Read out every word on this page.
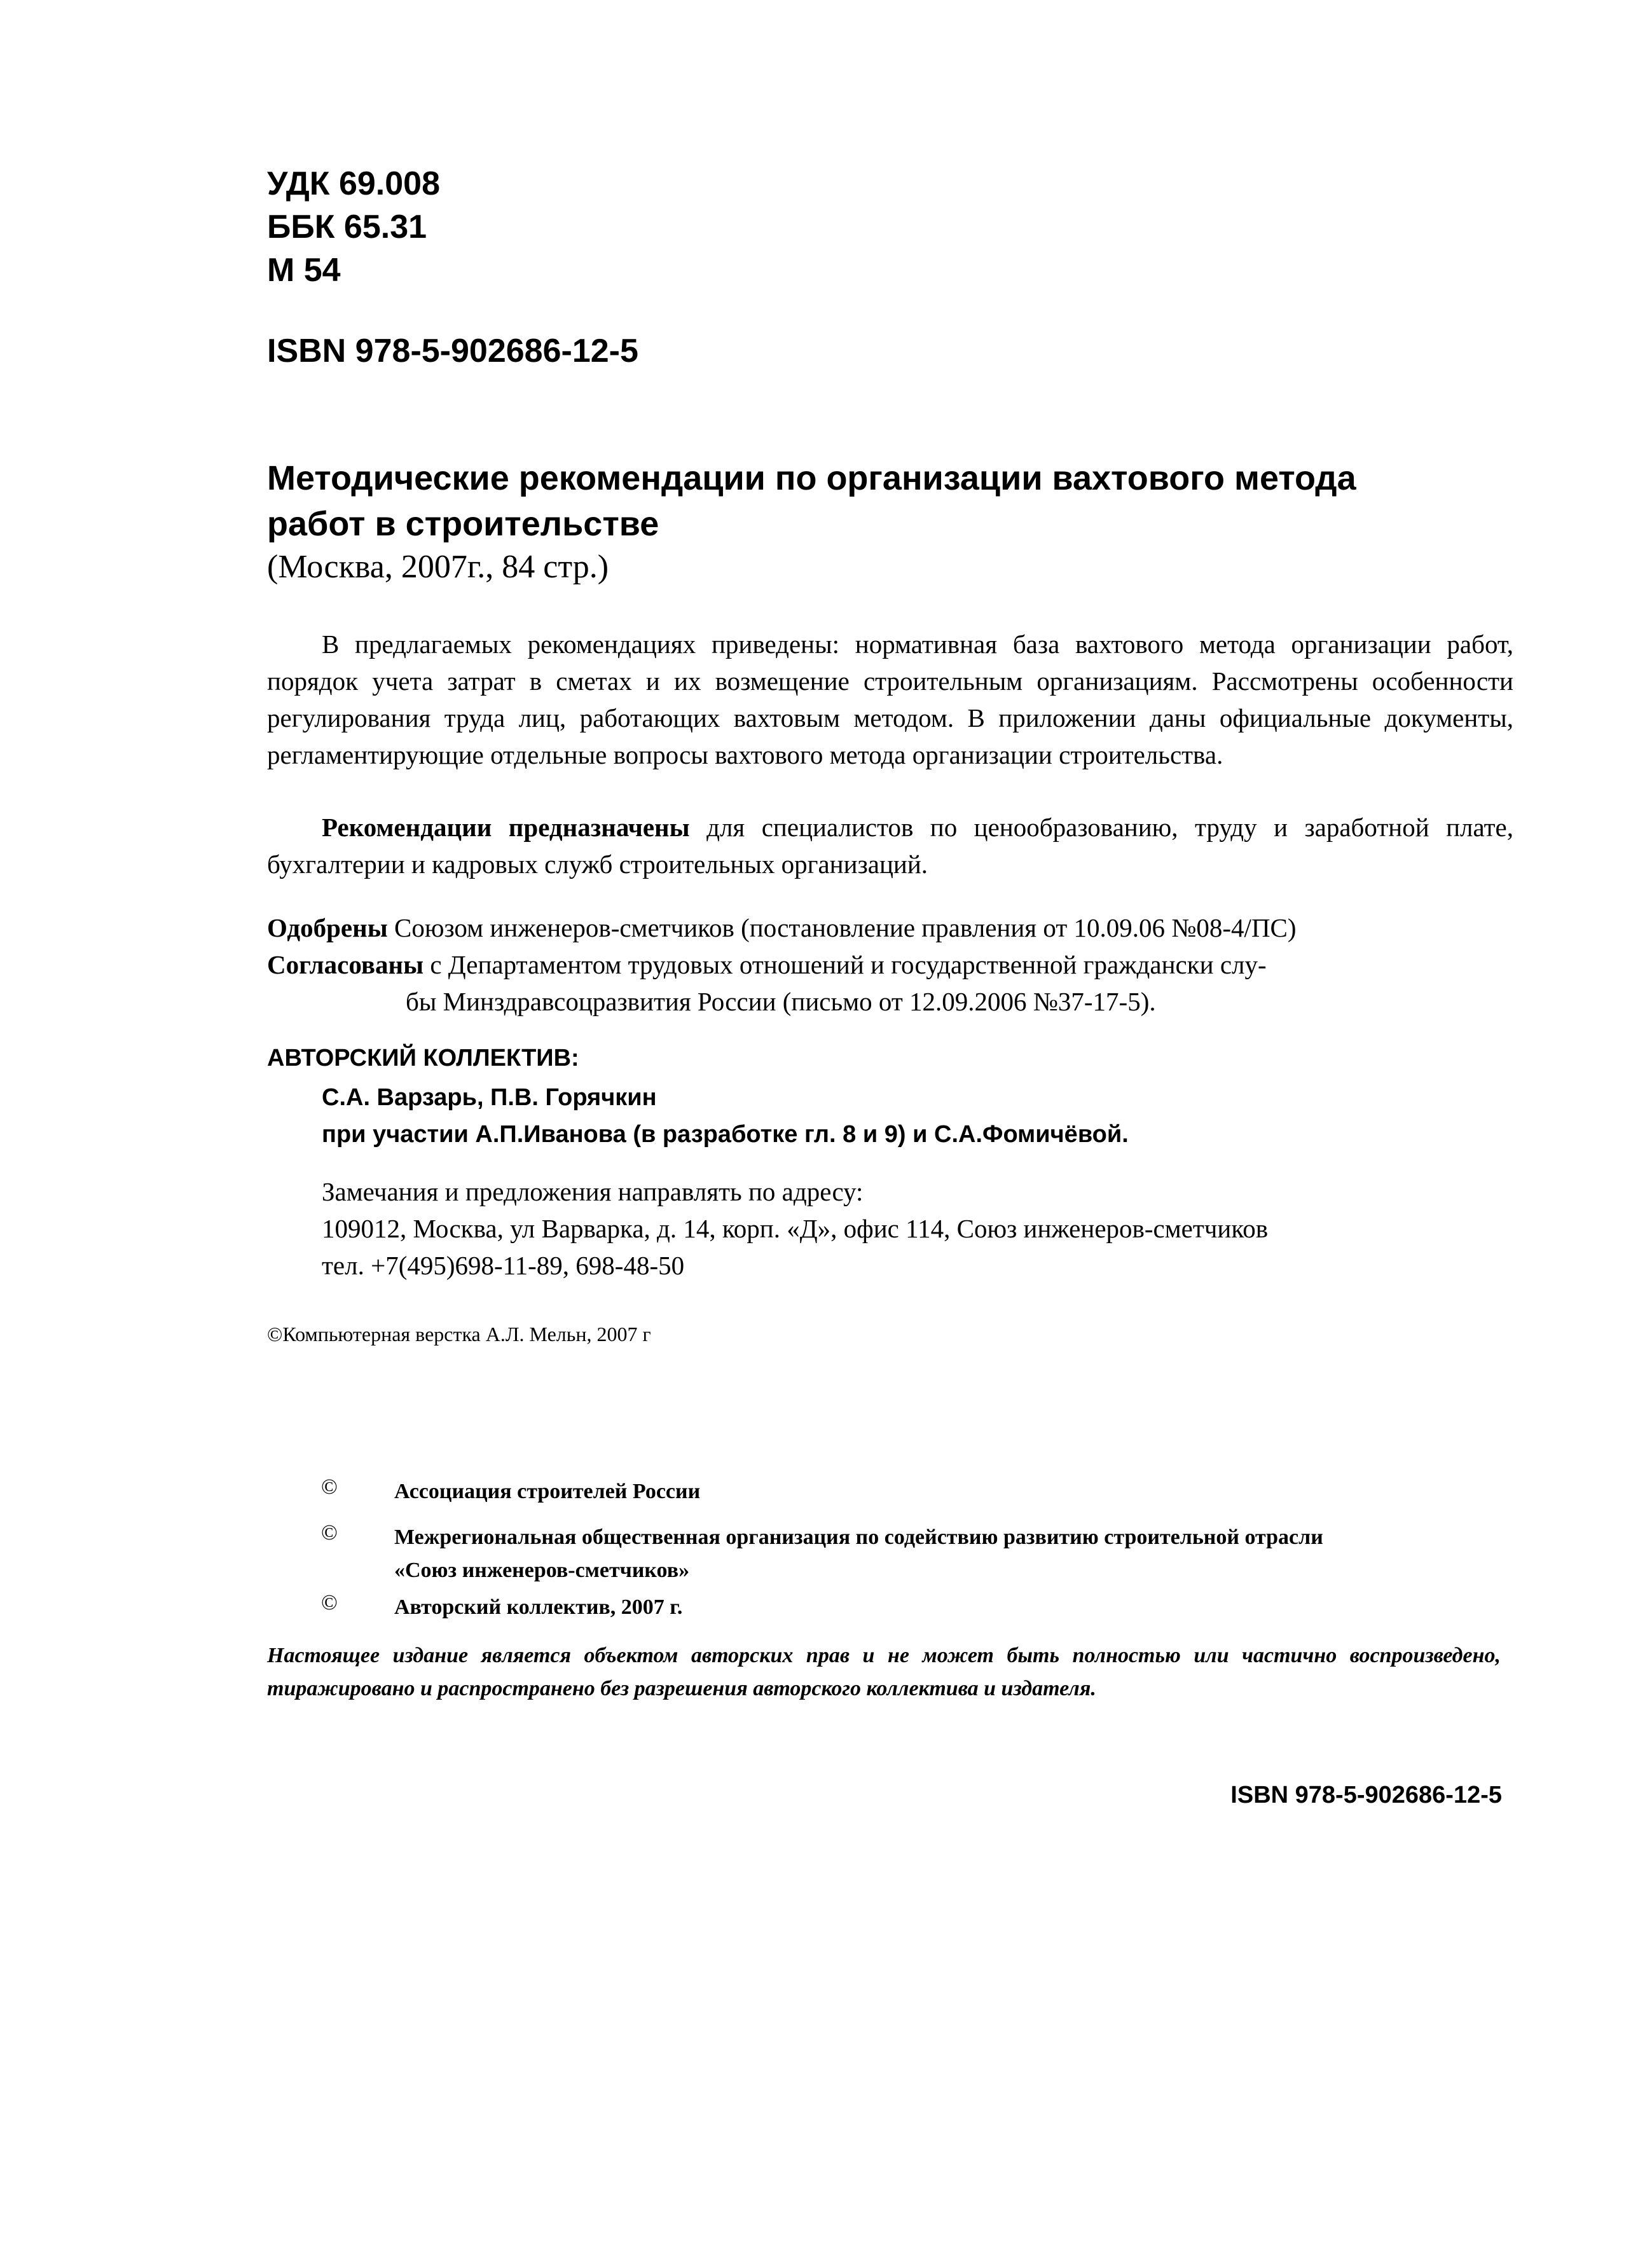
УДК 69.008
ББК 65.31
М 54
ISBN 978-5-902686-12-5
Методические рекомендации по организации вахтового метода
работ в строительстве
(Москва, 2007г., 84 стр.)
В предлагаемых рекомендациях приведены: нормативная база вахтового метода организации работ, порядок учета затрат в сметах и их возмещение строительным организациям. Рассмотрены особенности регулирования труда лиц, работающих вахтовым методом. В приложении даны официальные документы, регламентирующие отдельные вопросы вахтового метода организации строительства.
Рекомендации предназначены для специалистов по ценообразованию, труду и заработной плате, бухгалтерии и кадровых служб строительных организаций.
Одобрены Союзом инженеров-сметчиков (постановление правления от 10.09.06 №08-4/ПС)
Согласованы с Департаментом трудовых отношений и государственной граждански слу-
бы Минздравсоцразвития России (письмо от 12.09.2006 №37-17-5).
АВТОРСКИЙ КОЛЛЕКТИВ:
С.А. Варзарь, П.В. Горячкин
при участии А.П.Иванова (в разработке гл. 8 и 9) и С.А.Фомичёвой.
Замечания и предложения направлять по адресу:
109012, Москва, ул Варварка, д. 14, корп. «Д», офис 114, Союз инженеров-сметчиков
тел. +7(495)698-11-89, 698-48-50
©Компьютерная верстка А.Л. Мельн, 2007 г
©	Ассоциация строителей России
©	Межрегиональная общественная организация по содействию развитию строительной отрасли
«Союз инженеров-сметчиков»
©	Авторский коллектив, 2007 г.
Настоящее издание является объектом авторских прав и не может быть полностью или частично воспроизведено, тиражировано и распространено без разрешения авторского коллектива и издателя.
ISBN 978-5-902686-12-5
